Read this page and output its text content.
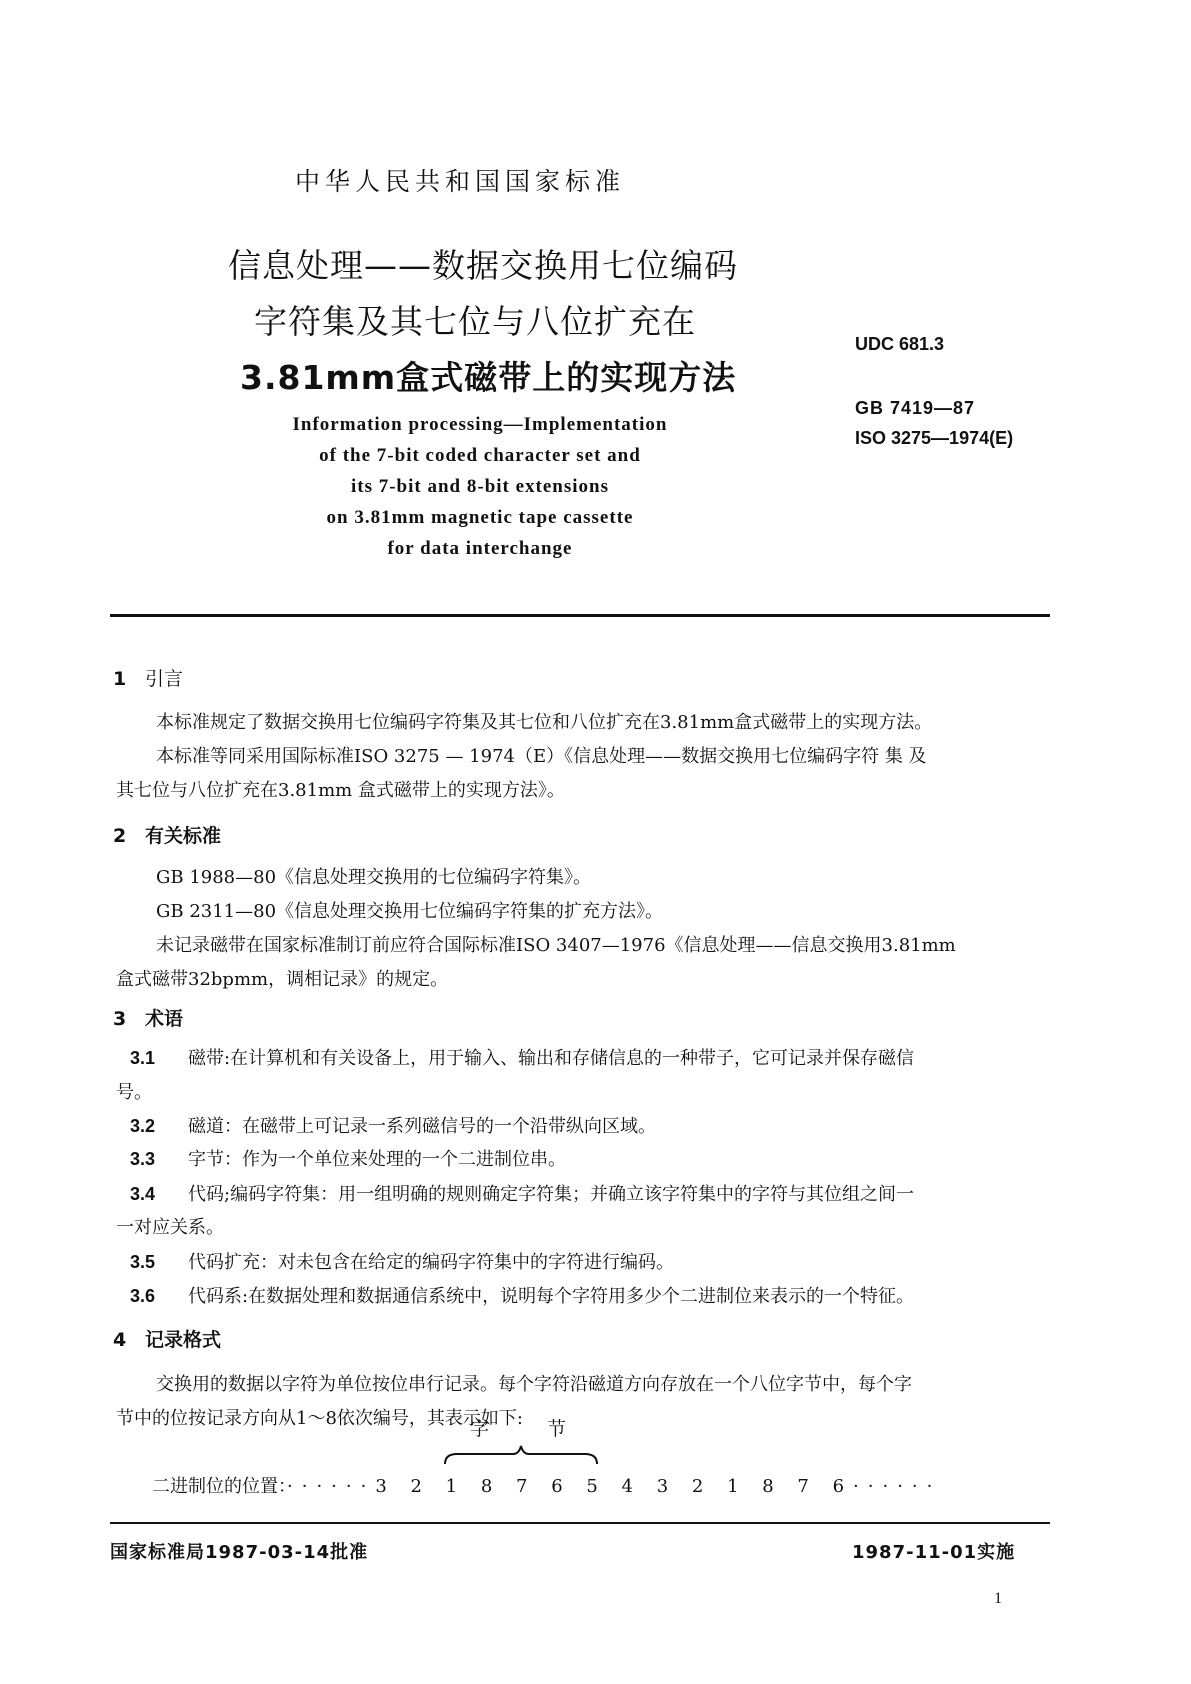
中华人民共和国国家标准
信息处理——数据交换用七位编码
字符集及其七位与八位扩充在
3.81mm盒式磁带上的实现方法
Information processing—Implementation
of the 7-bit coded character set and
its 7-bit and 8-bit extensions
on 3.81mm magnetic tape cassette
for data interchange
UDC 681.3
GB 7419—87
ISO 3275—1974(E)
1 引言
本标准规定了数据交换用七位编码字符集及其七位和八位扩充在3.81mm盒式磁带上的实现方法。
本标准等同采用国际标准ISO 3275 — 1974（E）《信息处理——数据交换用七位编码字符 集 及
其七位与八位扩充在3.81mm 盒式磁带上的实现方法》。
2 有关标准
GB 1988—80《信息处理交换用的七位编码字符集》。
GB 2311—80《信息处理交换用七位编码字符集的扩充方法》。
未记录磁带在国家标准制订前应符合国际标准ISO 3407—1976《信息处理——信息交换用3.81mm
盒式磁带32bpmm，调相记录》的规定。
3 术语
3.1 磁带:在计算机和有关设备上，用于输入、输出和存储信息的一种带子，它可记录并保存磁信
号。
3.2 磁道：在磁带上可记录一系列磁信号的一个沿带纵向区域。
3.3 字节：作为一个单位来处理的一个二进制位串。
3.4 代码;编码字符集：用一组明确的规则确定字符集；并确立该字符集中的字符与其位组之间一
一对应关系。
3.5 代码扩充：对未包含在给定的编码字符集中的字符进行编码。
3.6 代码系:在数据处理和数据通信系统中，说明每个字符用多少个二进制位来表示的一个特征。
4 记录格式
交换用的数据以字符为单位按位串行记录。每个字符沿磁道方向存放在一个八位字节中，每个字
节中的位按记录方向从1～8依次编号，其表示如下:
字节
二进制位的位置：······3 2 1 8 7 6 5 4 3 2 1 8 7 6······
国家标准局1987-03-14批准	1987-11-01实施
1
